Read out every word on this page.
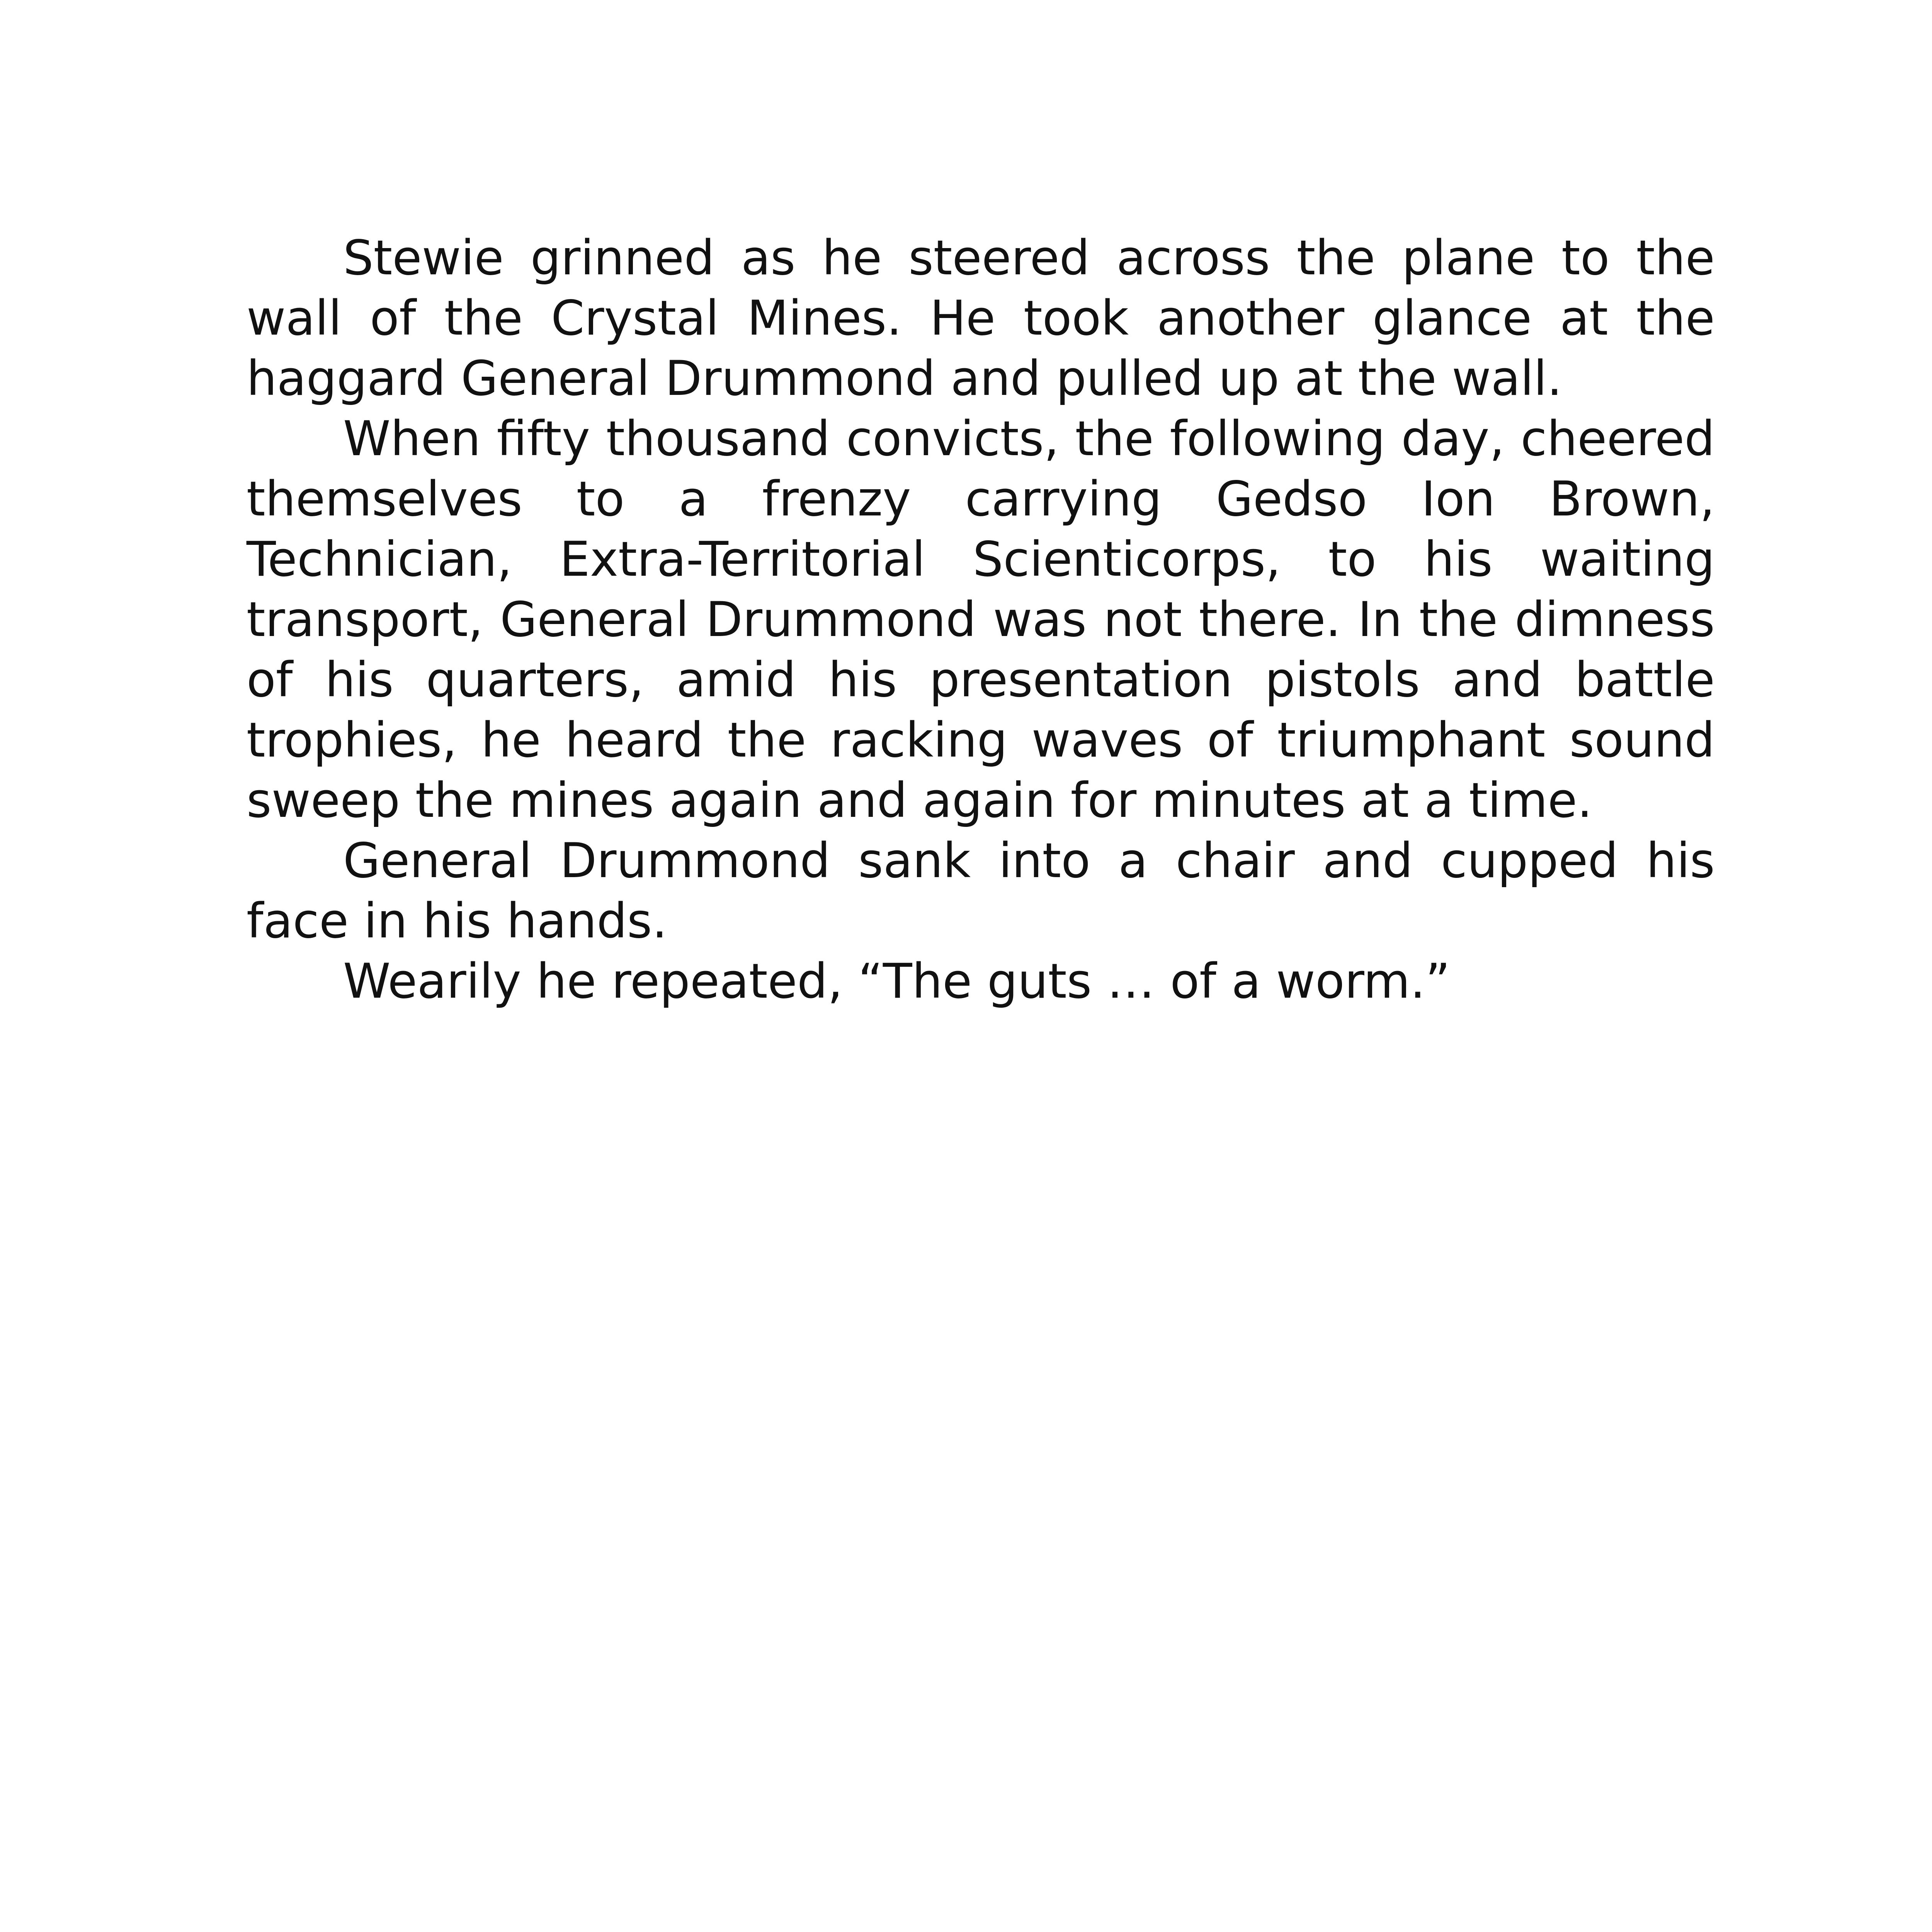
Stewie grinned as he steered across the plane to the wall of the Crystal Mines. He took another glance at the haggard General Drummond and pulled up at the wall.

When fifty thousand convicts, the following day, cheered themselves to a frenzy carrying Gedso Ion Brown, Technician, Extra-Territorial Scienticorps, to his waiting transport, General Drummond was not there. In the dimness of his quarters, amid his presentation pistols and battle trophies, he heard the racking waves of triumphant sound sweep the mines again and again for minutes at a time.

General Drummond sank into a chair and cupped his face in his hands.

Wearily he repeated, “The guts … of a worm.”
